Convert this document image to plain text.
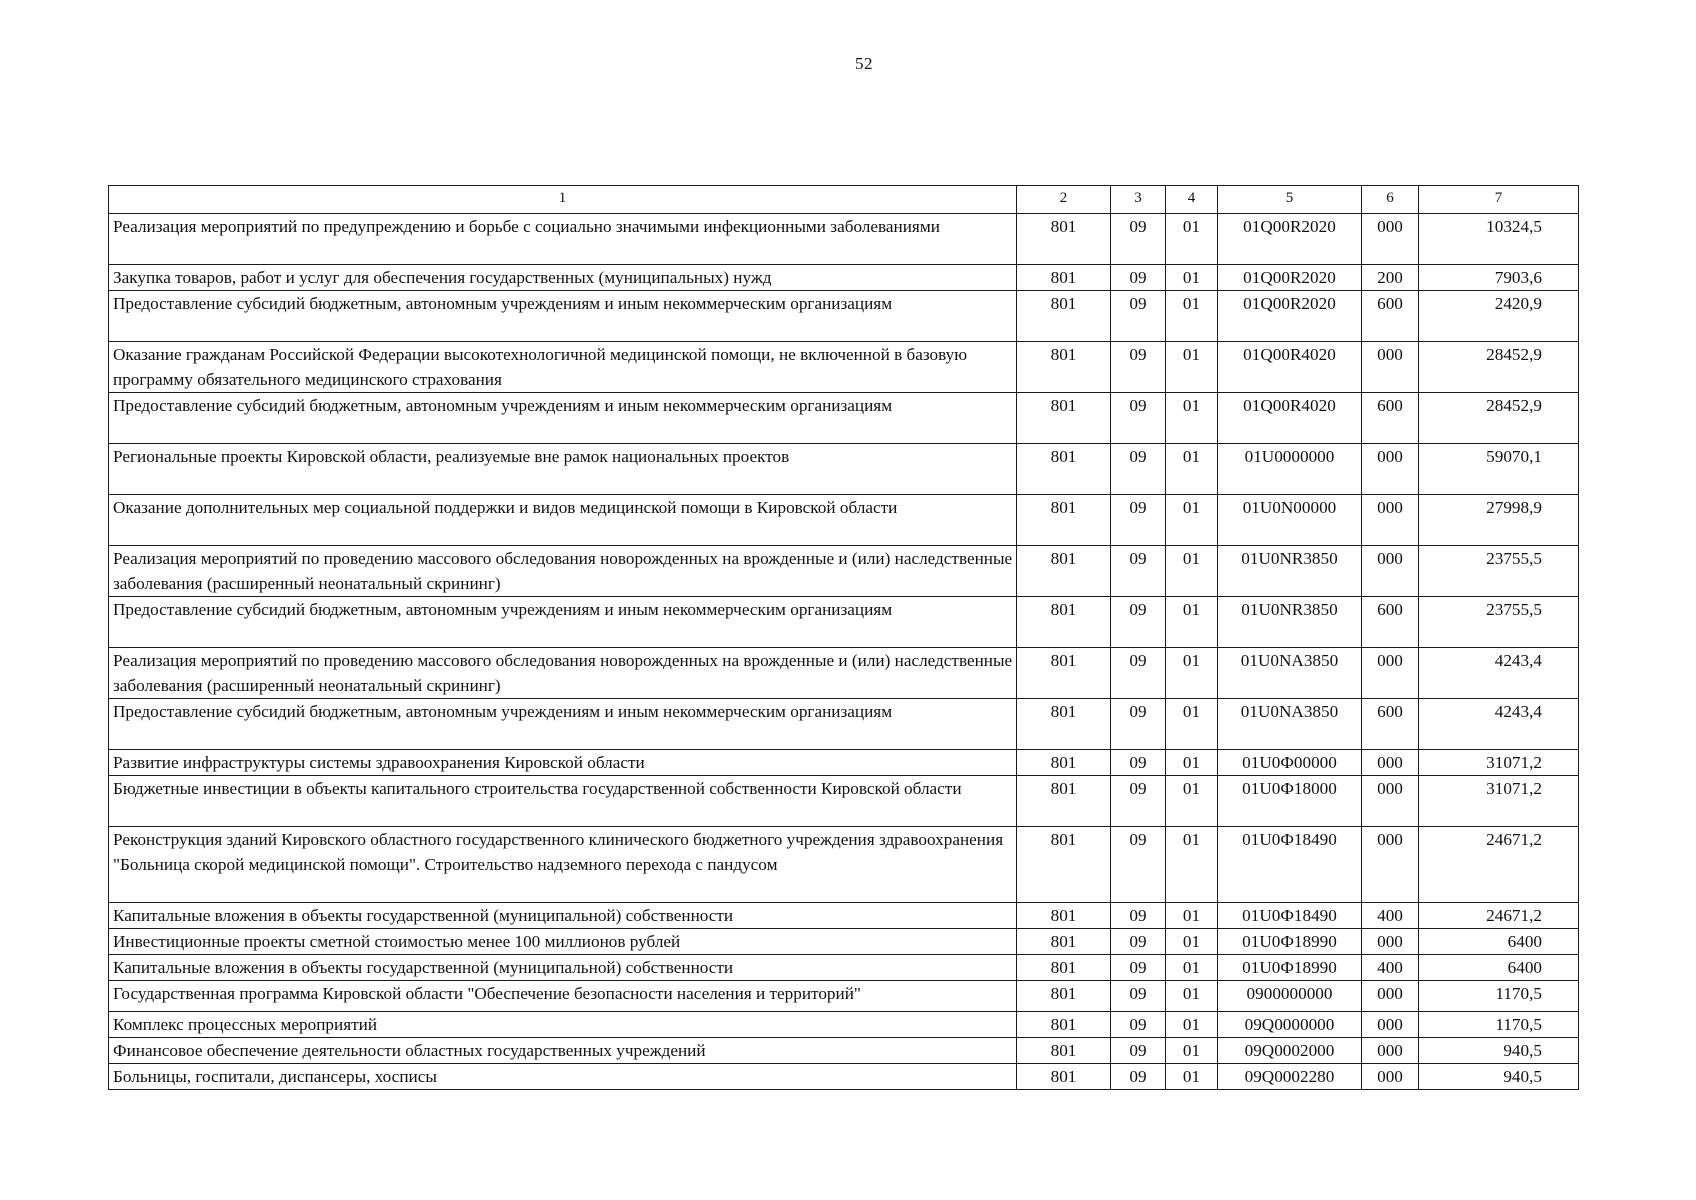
52
1	2	3	4	5	6	7
Реализация мероприятий по предупреждению и борьбе с социально значимыми инфекционными заболеваниями	801	09	01	01Q00R2020	000	10324,5
Закупка товаров, работ и услуг для обеспечения государственных (муниципальных) нужд	801	09	01	01Q00R2020	200	7903,6
Предоставление субсидий бюджетным, автономным учреждениям и иным некоммерческим организациям	801	09	01	01Q00R2020	600	2420,9
Оказание гражданам Российской Федерации высокотехнологичной медицинской помощи, не включенной в базовую программу обязательного медицинского страхования	801	09	01	01Q00R4020	000	28452,9
Предоставление субсидий бюджетным, автономным учреждениям и иным некоммерческим организациям	801	09	01	01Q00R4020	600	28452,9
Региональные проекты Кировской области, реализуемые вне рамок национальных проектов	801	09	01	01U0000000	000	59070,1
Оказание дополнительных мер социальной поддержки и видов медицинской помощи в Кировской области	801	09	01	01U0N00000	000	27998,9
Реализация мероприятий по проведению массового обследования новорожденных на врожденные и (или) наследственные заболевания (расширенный неонатальный скрининг)	801	09	01	01U0NR3850	000	23755,5
Предоставление субсидий бюджетным, автономным учреждениям и иным некоммерческим организациям	801	09	01	01U0NR3850	600	23755,5
Реализация мероприятий по проведению массового обследования новорожденных на врожденные и (или) наследственные заболевания (расширенный неонатальный скрининг)	801	09	01	01U0NA3850	000	4243,4
Предоставление субсидий бюджетным, автономным учреждениям и иным некоммерческим организациям	801	09	01	01U0NA3850	600	4243,4
Развитие инфраструктуры системы здравоохранения Кировской области	801	09	01	01U0Ф00000	000	31071,2
Бюджетные инвестиции в объекты капитального строительства государственной собственности Кировской области	801	09	01	01U0Ф18000	000	31071,2
Реконструкция зданий Кировского областного государственного клинического бюджетного учреждения здравоохранения "Больница скорой медицинской помощи". Строительство надземного перехода с пандусом	801	09	01	01U0Ф18490	000	24671,2
Капитальные вложения в объекты государственной (муниципальной) собственности	801	09	01	01U0Ф18490	400	24671,2
Инвестиционные проекты сметной стоимостью менее 100 миллионов рублей	801	09	01	01U0Ф18990	000	6400
Капитальные вложения в объекты государственной (муниципальной) собственности	801	09	01	01U0Ф18990	400	6400
Государственная программа Кировской области "Обеспечение безопасности населения и территорий"	801	09	01	0900000000	000	1170,5
Комплекс процессных мероприятий	801	09	01	09Q0000000	000	1170,5
Финансовое обеспечение деятельности областных государственных учреждений	801	09	01	09Q0002000	000	940,5
Больницы, госпитали, диспансеры, хосписы	801	09	01	09Q0002280	000	940,5
